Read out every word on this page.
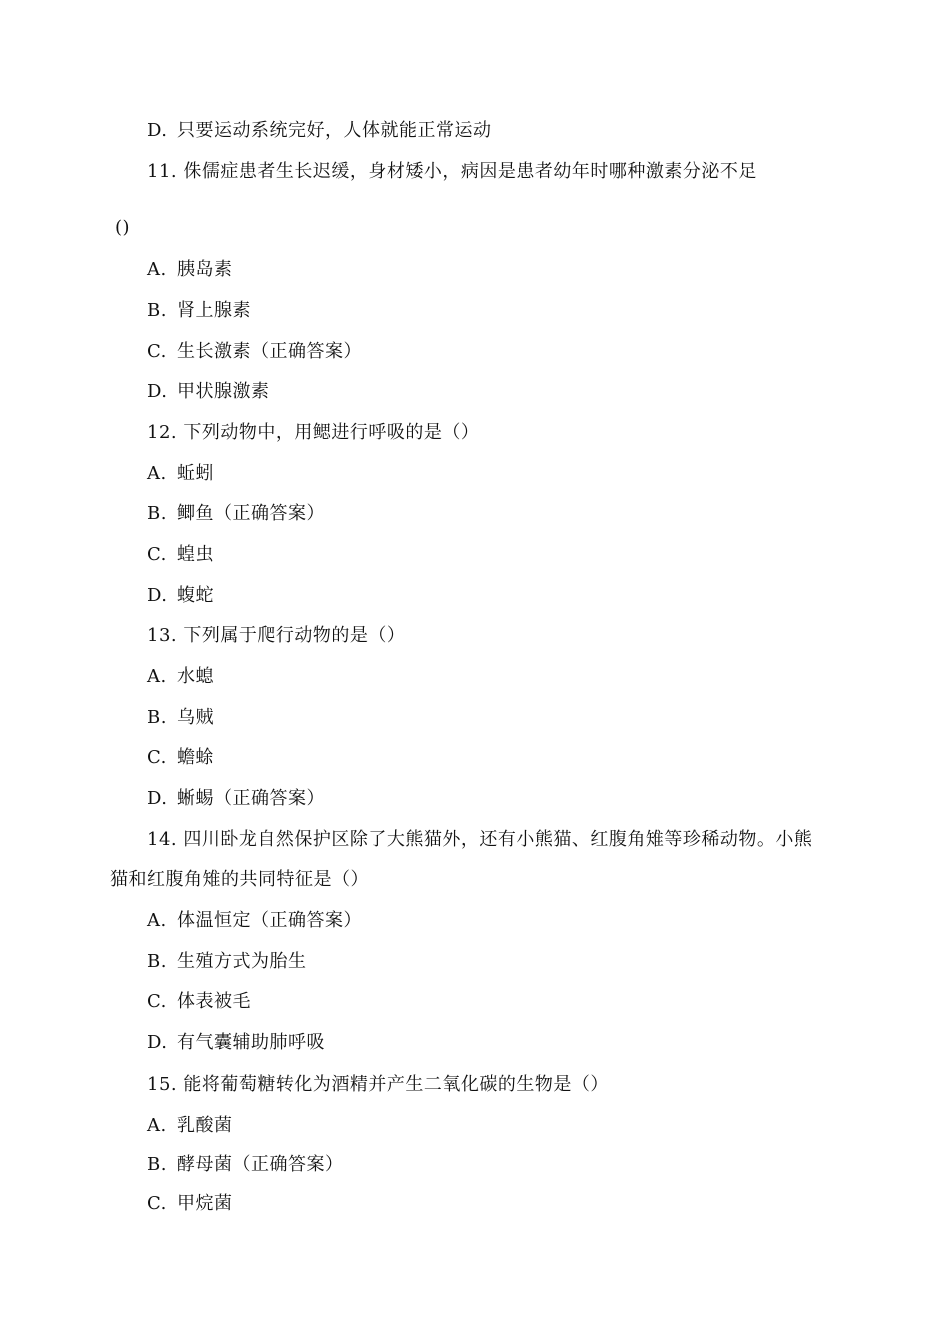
D. 只要运动系统完好，人体就能正常运动
11. 侏儒症患者生长迟缓，身材矮小，病因是患者幼年时哪种激素分泌不足
()
A. 胰岛素
B. 肾上腺素
C. 生长激素（正确答案）
D. 甲状腺激素
12. 下列动物中，用鳃进行呼吸的是（）
A. 蚯蚓
B. 鲫鱼（正确答案）
C. 蝗虫
D. 蝮蛇
13. 下列属于爬行动物的是（）
A. 水螅
B. 乌贼
C. 蟾蜍
D. 蜥蜴（正确答案）
14. 四川卧龙自然保护区除了大熊猫外，还有小熊猫、红腹角雉等珍稀动物。小熊
猫和红腹角雉的共同特征是（）
A. 体温恒定（正确答案）
B. 生殖方式为胎生
C. 体表被毛
D. 有气囊辅助肺呼吸
15. 能将葡萄糖转化为酒精并产生二氧化碳的生物是（）
A. 乳酸菌
B. 酵母菌（正确答案）
C. 甲烷菌
